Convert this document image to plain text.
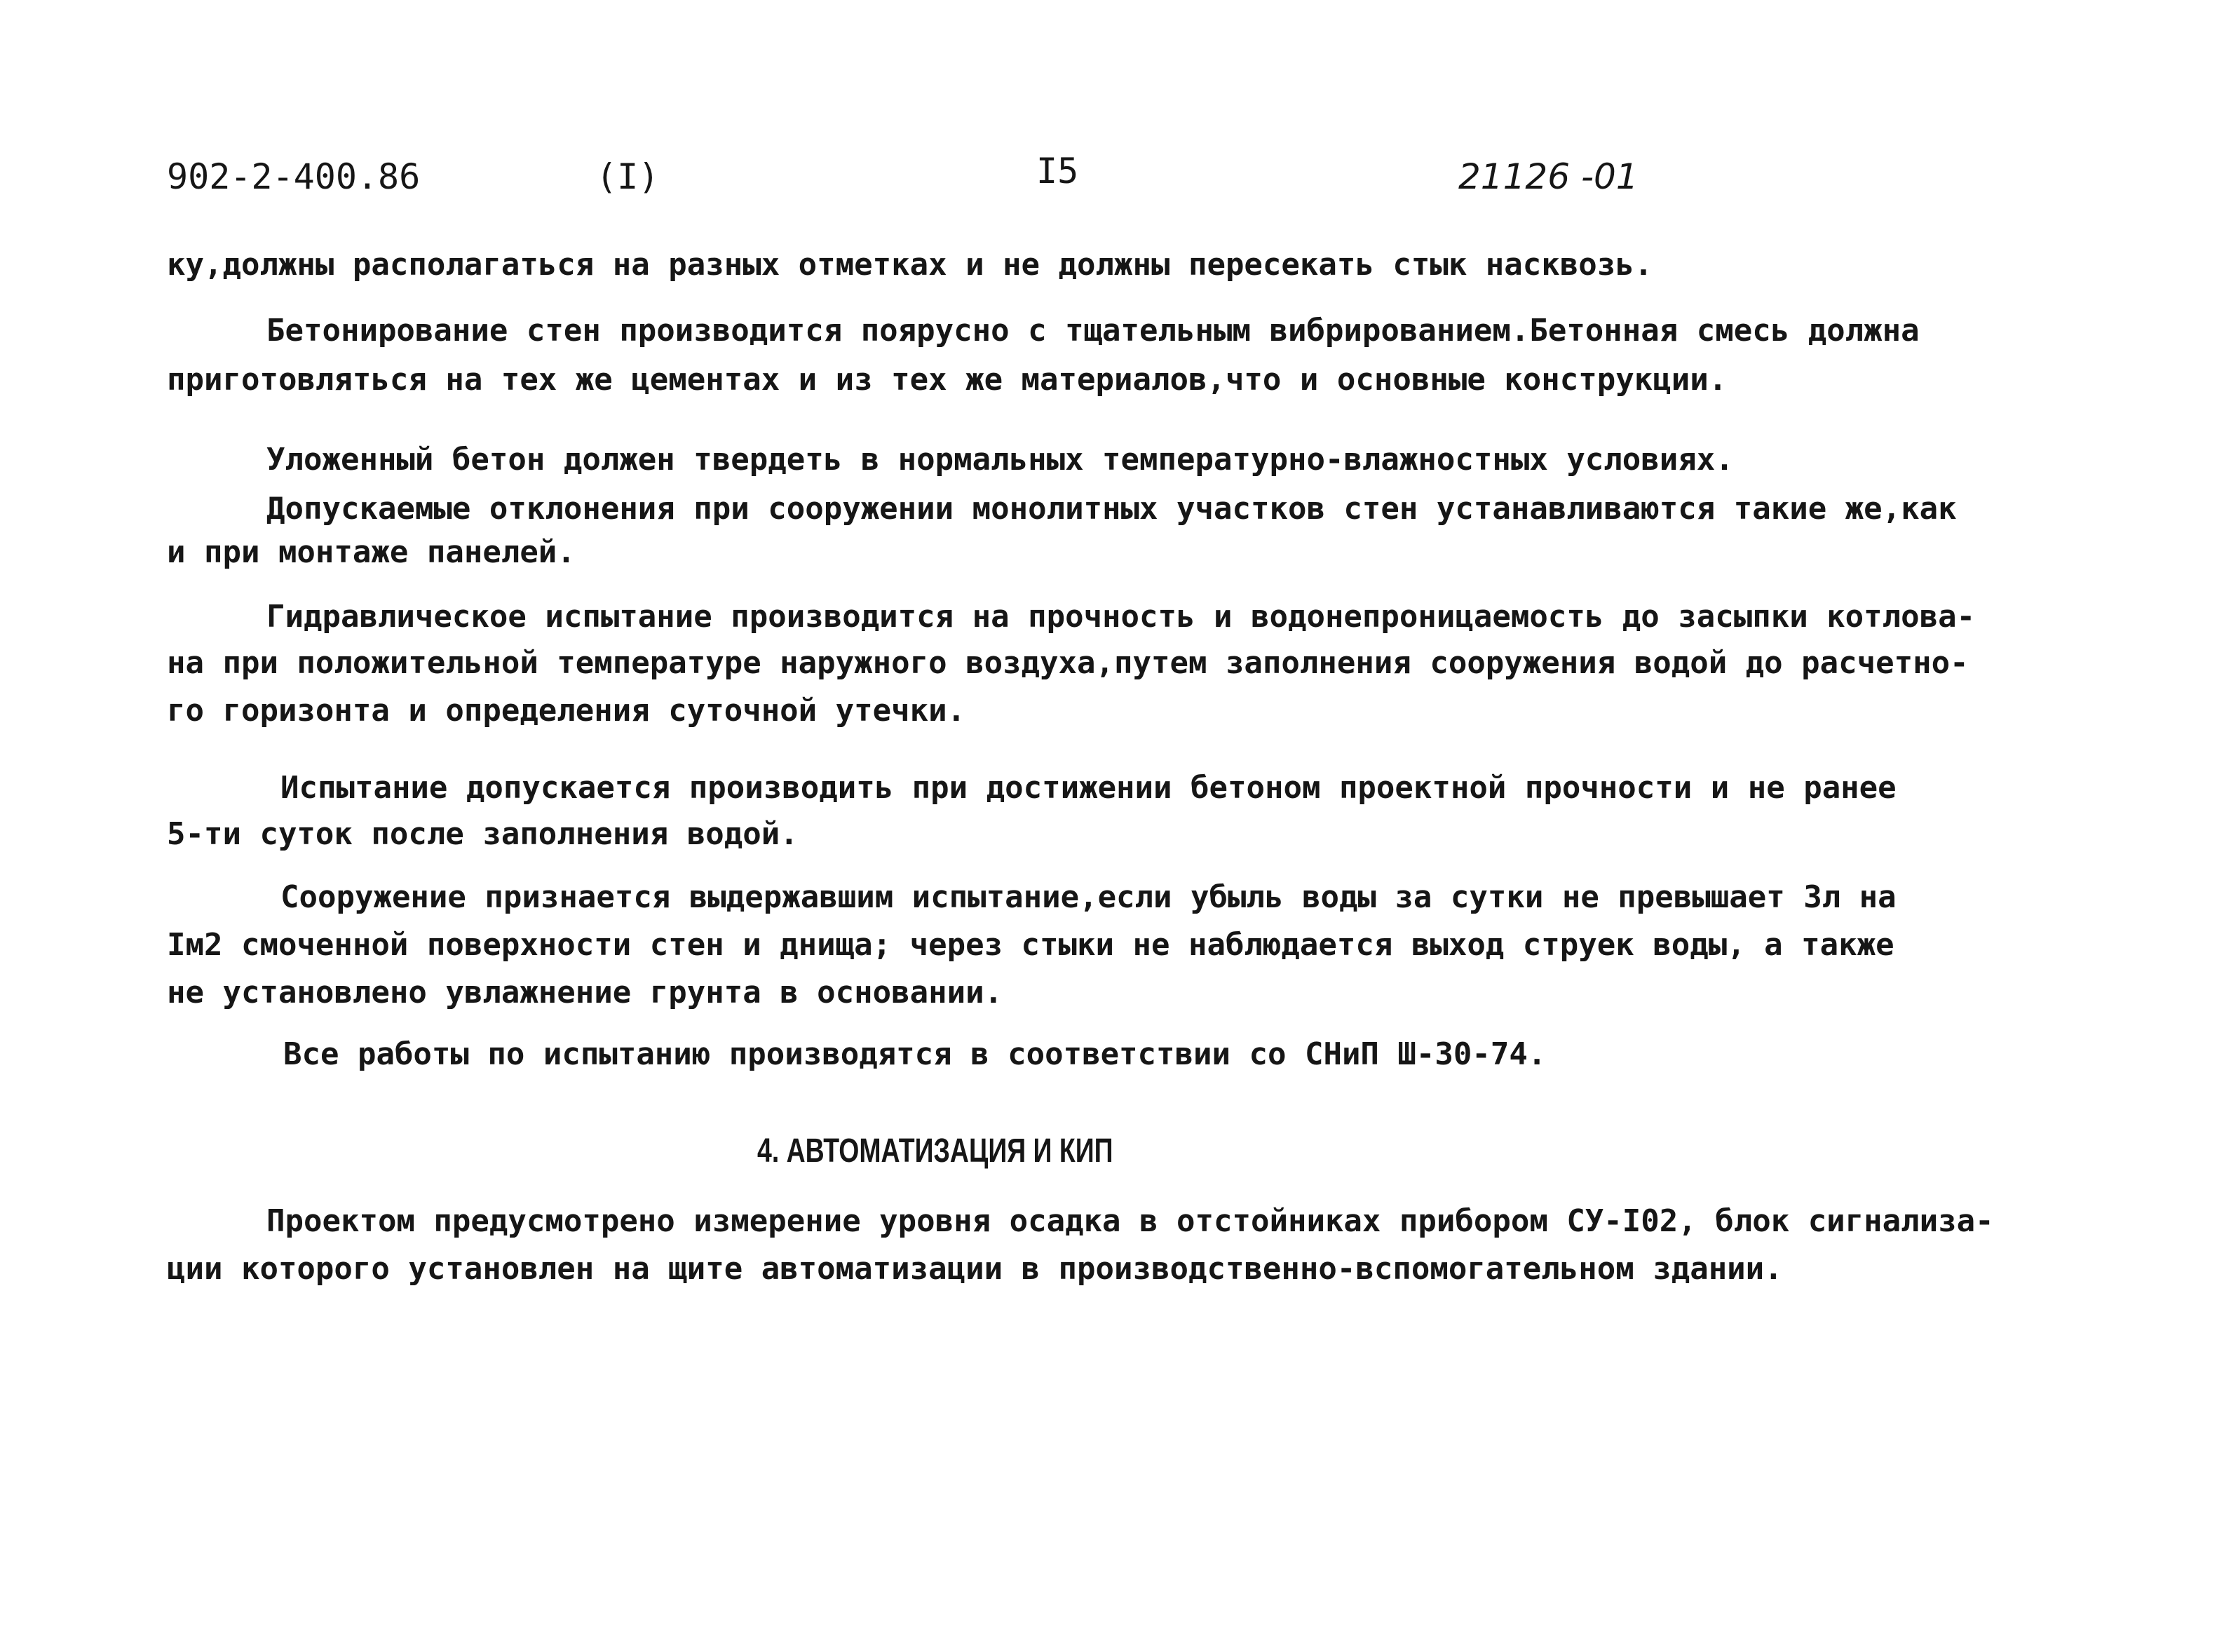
902-2-400.86	(I)	I5	21126 -01
ку,должны располагаться на разных отметках и не должны пересекать стык насквозь.
Бетонирование стен производится поярусно с тщательным вибрированием.Бетонная смесь должна
приготовляться на тех же цементах и из тех же материалов,что и основные конструкции.
Уложенный бетон должен твердеть в нормальных температурно-влажностных условиях.
Допускаемые отклонения при сооружении монолитных участков стен устанавливаются такие же,как
и при монтаже панелей.
Гидравлическое испытание производится на прочность и водонепроницаемость до засыпки котлова-
на при положительной температуре наружного воздуха,путем заполнения сооружения водой до расчетно-
го горизонта и определения суточной утечки.
Испытание допускается производить при достижении бетоном проектной прочности и не ранее
5-ти суток после заполнения водой.
Сооружение признается выдержавшим испытание,если убыль воды за сутки не превышает 3л на
Iм2 смоченной поверхности стен и днища; через стыки не наблюдается выход струек воды, а также
не установлено увлажнение грунта в основании.
Все работы по испытанию производятся в соответствии со СНиП Ш-30-74.
4. АВТОМАТИЗАЦИЯ И КИП
Проектом предусмотрено измерение уровня осадка в отстойниках прибором СУ-I02, блок сигнализа-
ции которого установлен на щите автоматизации в производственно-вспомогательном здании.
